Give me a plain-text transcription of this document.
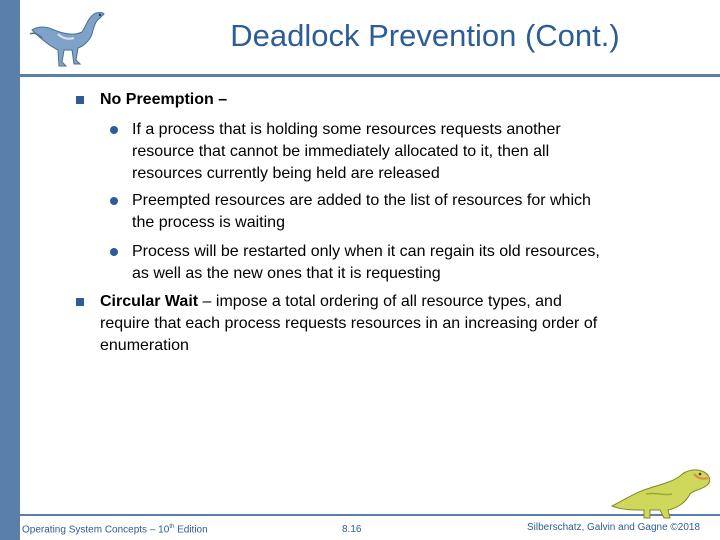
Deadlock Prevention (Cont.)
No Preemption –
If a process that is holding some resources requests another resource that cannot be immediately allocated to it, then all resources currently being held are released
Preempted resources are added to the list of resources for which the process is waiting
Process will be restarted only when it can regain its old resources, as well as the new ones that it is requesting
Circular Wait – impose a total ordering of all resource types, and require that each process requests resources in an increasing order of enumeration
Operating System Concepts – 10th Edition	8.16	Silberschatz, Galvin and Gagne ©2018
